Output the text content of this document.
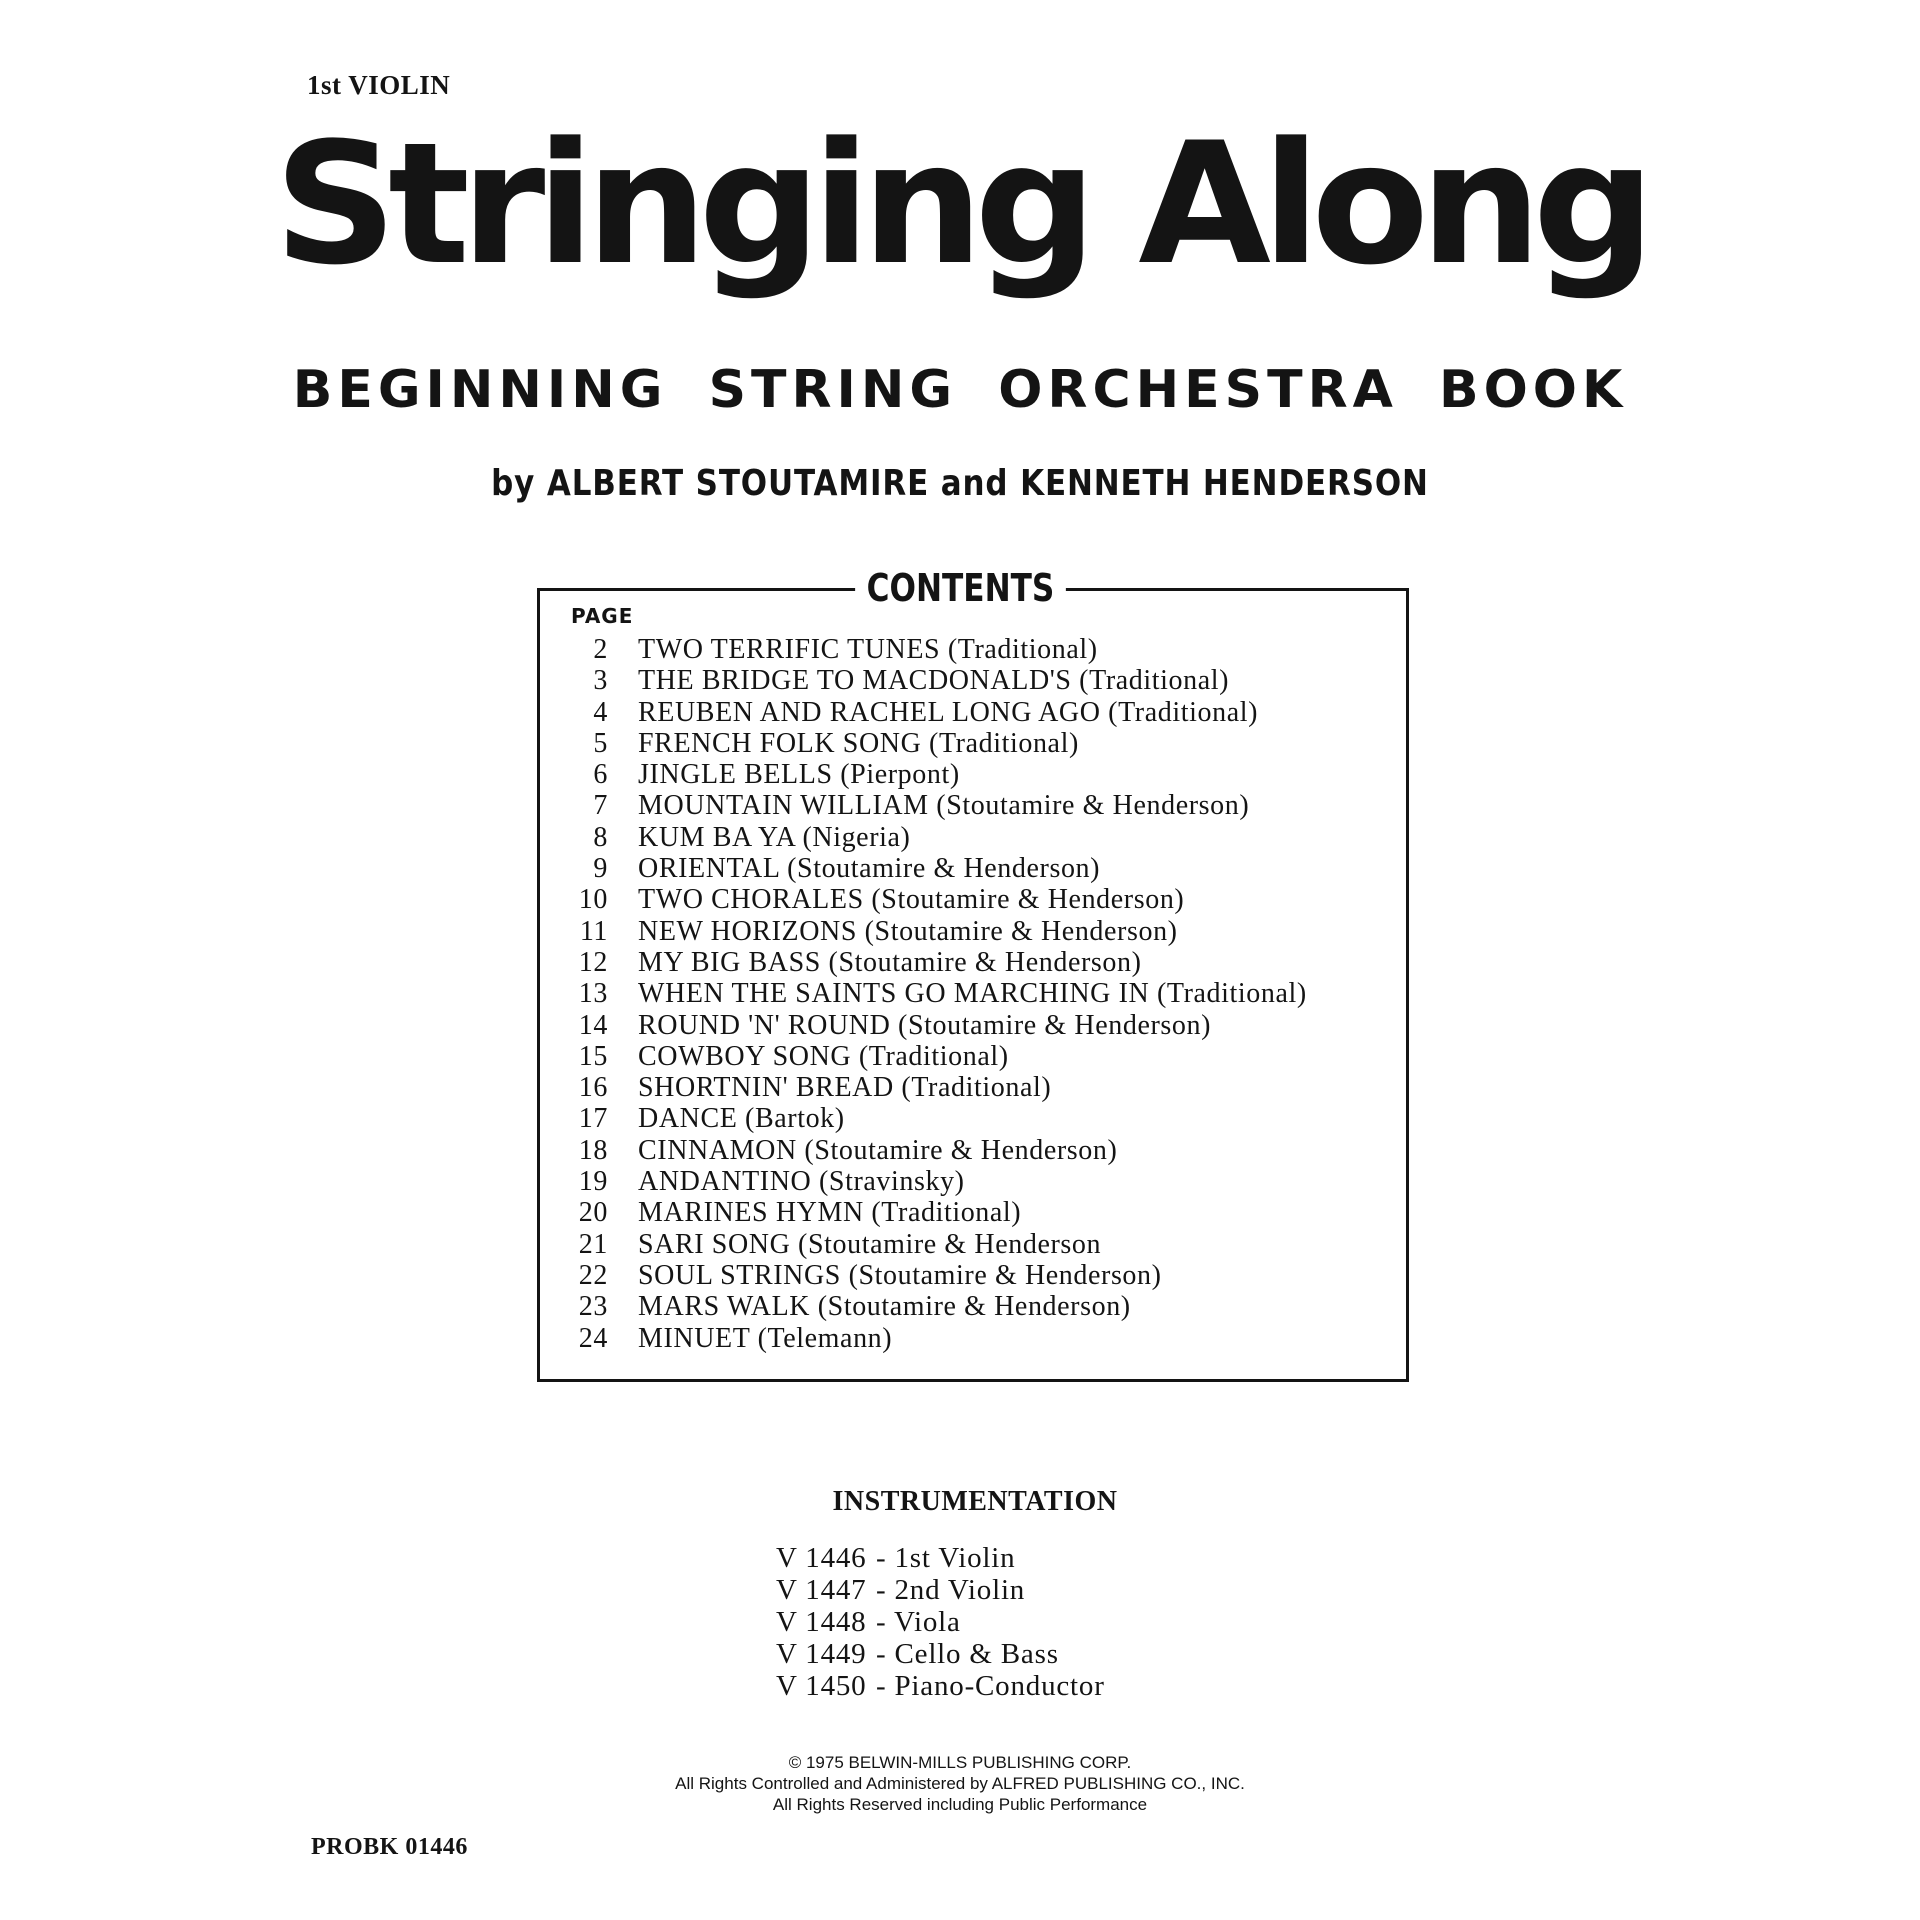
1st VIOLIN
Stringing Along
BEGINNING STRING ORCHESTRA BOOK
by ALBERT STOUTAMIRE and KENNETH HENDERSON
CONTENTS
PAGE
2 TWO TERRIFIC TUNES (Traditional)
3 THE BRIDGE TO MACDONALD'S (Traditional)
4 REUBEN AND RACHEL LONG AGO (Traditional)
5 FRENCH FOLK SONG (Traditional)
6 JINGLE BELLS (Pierpont)
7 MOUNTAIN WILLIAM (Stoutamire & Henderson)
8 KUM BA YA (Nigeria)
9 ORIENTAL (Stoutamire & Henderson)
10 TWO CHORALES (Stoutamire & Henderson)
11 NEW HORIZONS (Stoutamire & Henderson)
12 MY BIG BASS (Stoutamire & Henderson)
13 WHEN THE SAINTS GO MARCHING IN (Traditional)
14 ROUND 'N' ROUND (Stoutamire & Henderson)
15 COWBOY SONG (Traditional)
16 SHORTNIN' BREAD (Traditional)
17 DANCE (Bartok)
18 CINNAMON (Stoutamire & Henderson)
19 ANDANTINO (Stravinsky)
20 MARINES HYMN (Traditional)
21 SARI SONG (Stoutamire & Henderson
22 SOUL STRINGS (Stoutamire & Henderson)
23 MARS WALK (Stoutamire & Henderson)
24 MINUET (Telemann)
INSTRUMENTATION
V 1446 - 1st Violin
V 1447 - 2nd Violin
V 1448 - Viola
V 1449 - Cello & Bass
V 1450 - Piano-Conductor
© 1975 BELWIN-MILLS PUBLISHING CORP.
All Rights Controlled and Administered by ALFRED PUBLISHING CO., INC.
All Rights Reserved including Public Performance
PROBK 01446
